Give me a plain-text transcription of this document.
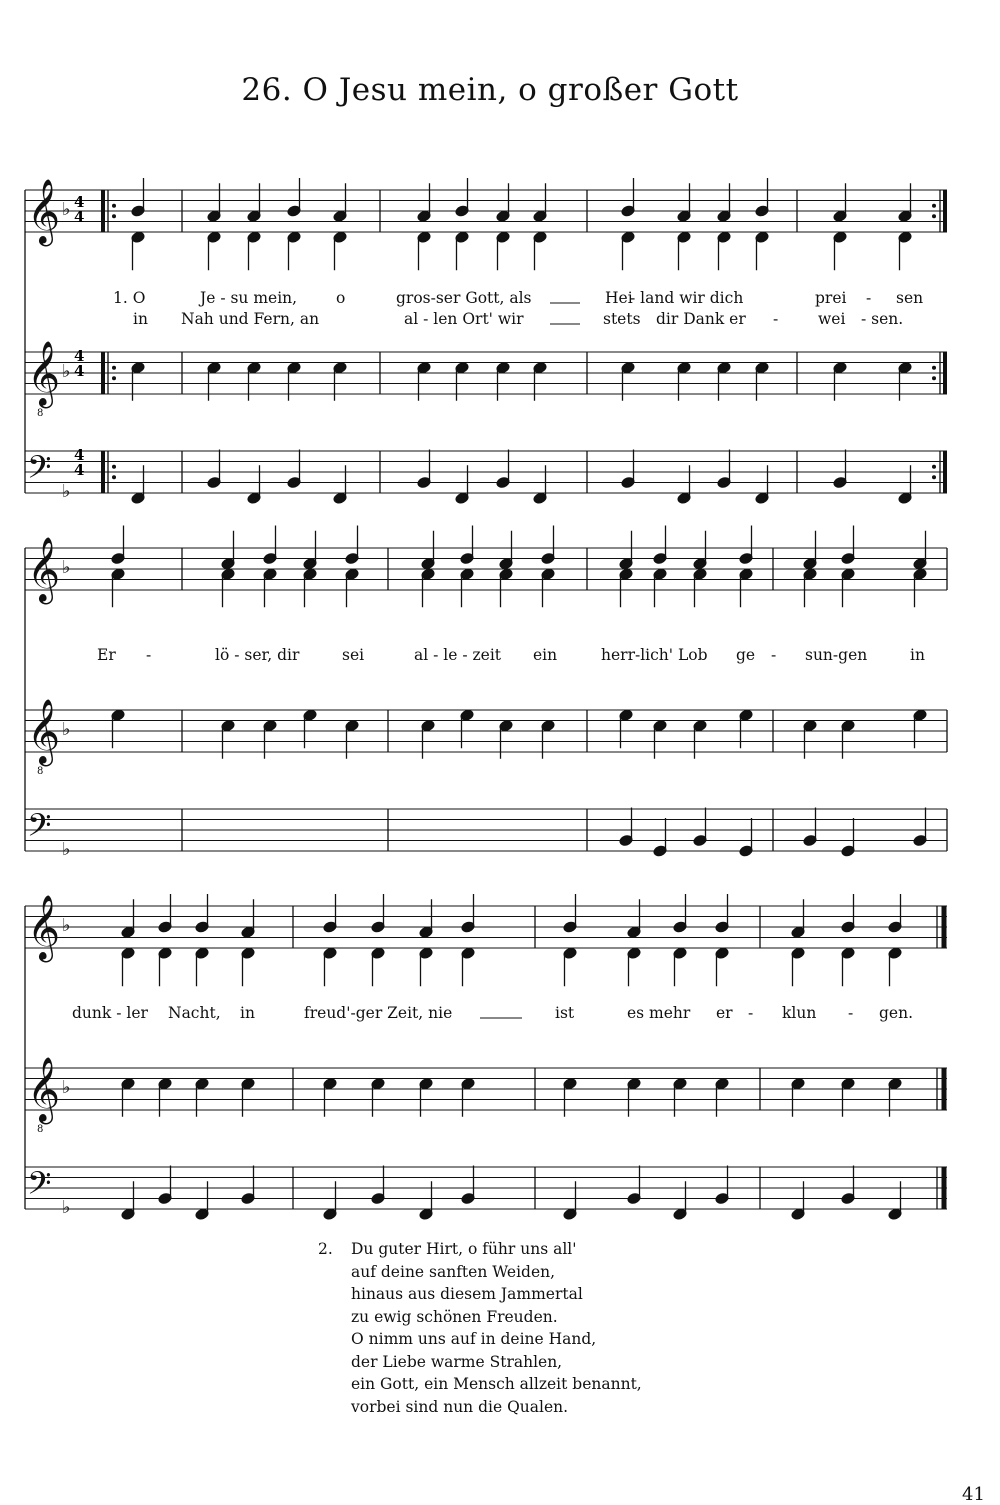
26. O Jesu mein, o großer Gott
𝄞 ♭
𝄞 ♭
8
𝄢 ♭
𝄞 ♭
𝄞 ♭
8
𝄢 ♭
𝄞 ♭
𝄞 ♭
8
𝄢 ♭
4
4
4
4
4
4
1. O	Je - su mein,	o	gros-ser Gott, als	Hei
- land wir dich	prei - sen
in Nah und Fern, an	al - len Ort' wir	stets dir Dank er -	wei - sen.
Er -	lö - ser, dir	sei	al - le - zeit ein	herr-lich' Lob ge - sun-gen	in
dunk - ler Nacht, in	freud'-ger Zeit, nie	ist	es mehr er - klun - gen.
2. Du guter Hirt, o führ uns all'
auf deine sanften Weiden,
hinaus aus diesem Jammertal
zu ewig schönen Freuden.
O nimm uns auf in deine Hand,
der Liebe warme Strahlen,
ein Gott, ein Mensch allzeit benannt,
vorbei sind nun die Qualen.
41
